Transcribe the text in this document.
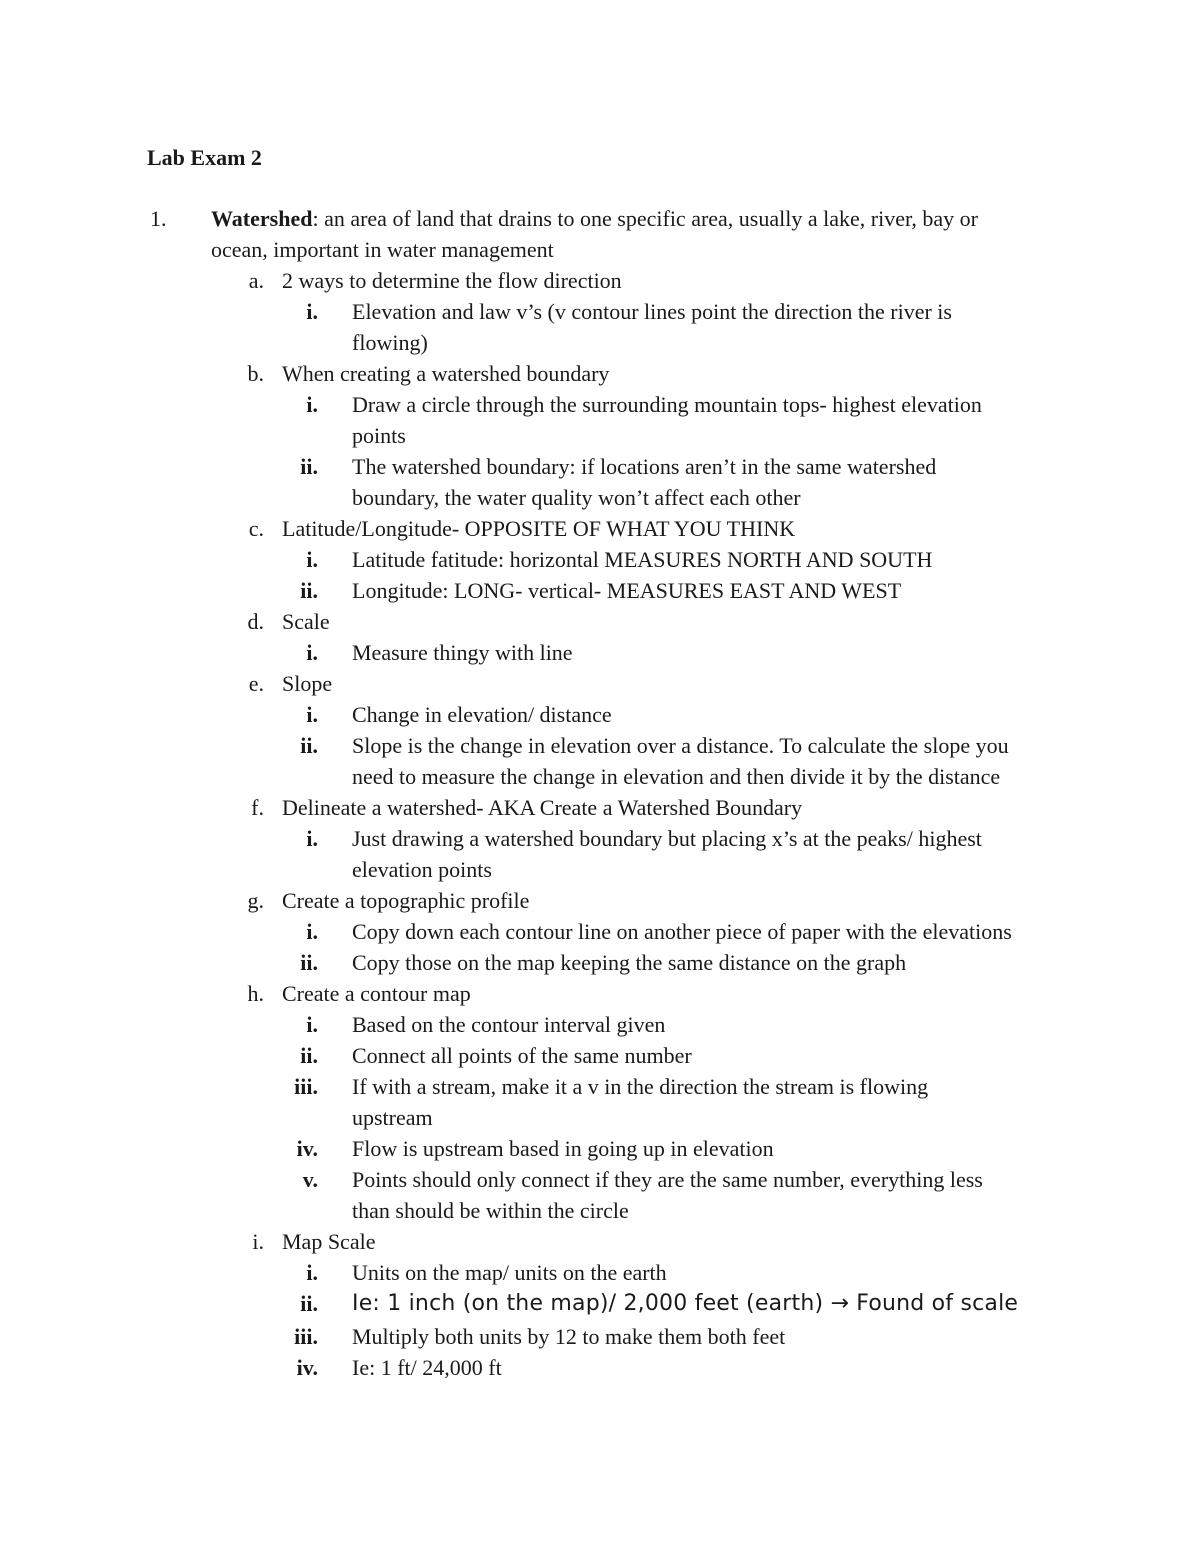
Lab Exam 2
1.	Watershed: an area of land that drains to one specific area, usually a lake, river, bay or
ocean, important in water management
a. 2 ways to determine the flow direction
i. Elevation and law v’s (v contour lines point the direction the river is
flowing)
b. When creating a watershed boundary
i. Draw a circle through the surrounding mountain tops- highest elevation
points
ii. The watershed boundary: if locations aren’t in the same watershed
boundary, the water quality won’t affect each other
c. Latitude/Longitude- OPPOSITE OF WHAT YOU THINK
i. Latitude fatitude: horizontal MEASURES NORTH AND SOUTH
ii. Longitude: LONG- vertical- MEASURES EAST AND WEST
d. Scale
i. Measure thingy with line
e. Slope
i. Change in elevation/ distance
ii. Slope is the change in elevation over a distance. To calculate the slope you
need to measure the change in elevation and then divide it by the distance
f. Delineate a watershed- AKA Create a Watershed Boundary
i. Just drawing a watershed boundary but placing x’s at the peaks/ highest
elevation points
g. Create a topographic profile
i. Copy down each contour line on another piece of paper with the elevations
ii. Copy those on the map keeping the same distance on the graph
h. Create a contour map
i. Based on the contour interval given
ii. Connect all points of the same number
iii. If with a stream, make it a v in the direction the stream is flowing
upstream
iv. Flow is upstream based in going up in elevation
v. Points should only connect if they are the same number, everything less
than should be within the circle
i. Map Scale
i. Units on the map/ units on the earth
ii. Ie: 1 inch (on the map)/ 2,000 feet (earth) → Found of scale
iii. Multiply both units by 12 to make them both feet
iv. Ie: 1 ft/ 24,000 ft
